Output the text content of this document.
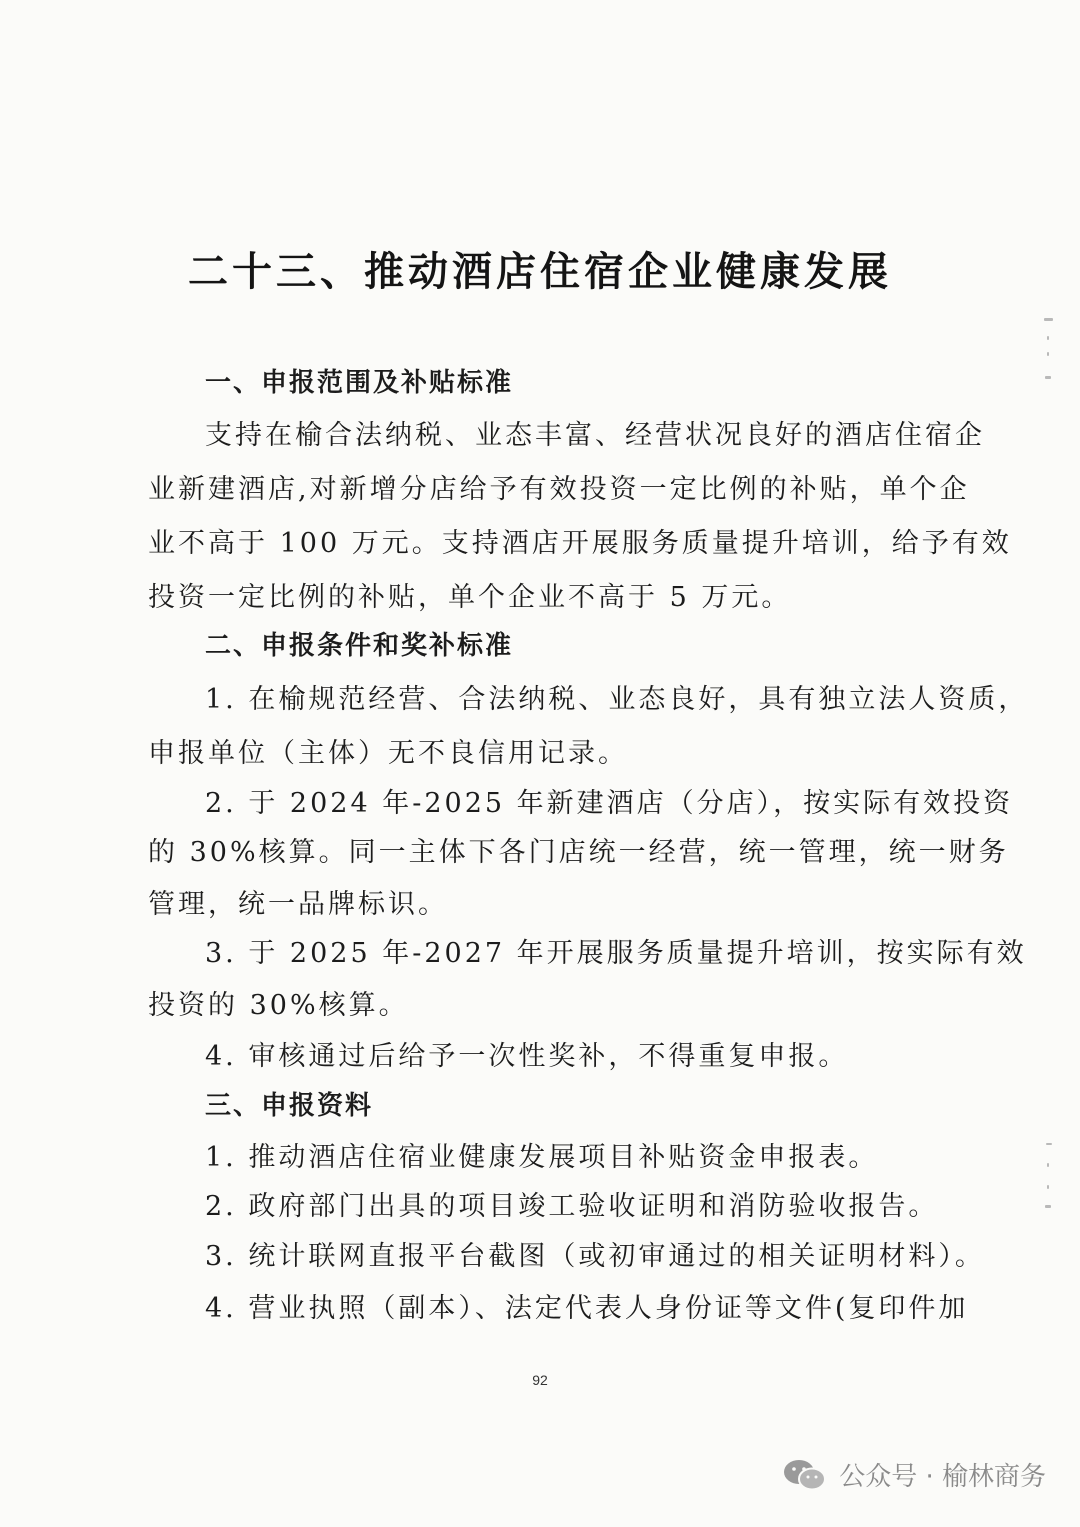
二十三、推动酒店住宿企业健康发展
一、申报范围及补贴标准
支持在榆合法纳税、业态丰富、经营状况良好的酒店住宿企
业新建酒店,对新增分店给予有效投资一定比例的补贴，单个企
业不高于 100 万元。支持酒店开展服务质量提升培训，给予有效
投资一定比例的补贴，单个企业不高于 5 万元。
二、申报条件和奖补标准
1. 在榆规范经营、合法纳税、业态良好，具有独立法人资质，
申报单位（主体）无不良信用记录。
2. 于 2024 年-2025 年新建酒店（分店），按实际有效投资
的 30%核算。同一主体下各门店统一经营，统一管理，统一财务
管理，统一品牌标识。
3. 于 2025 年-2027 年开展服务质量提升培训，按实际有效
投资的 30%核算。
4. 审核通过后给予一次性奖补，不得重复申报。
三、申报资料
1. 推动酒店住宿业健康发展项目补贴资金申报表。
2. 政府部门出具的项目竣工验收证明和消防验收报告。
3. 统计联网直报平台截图（或初审通过的相关证明材料）。
4. 营业执照（副本）、法定代表人身份证等文件(复印件加
92
公众号 · 榆林商务
